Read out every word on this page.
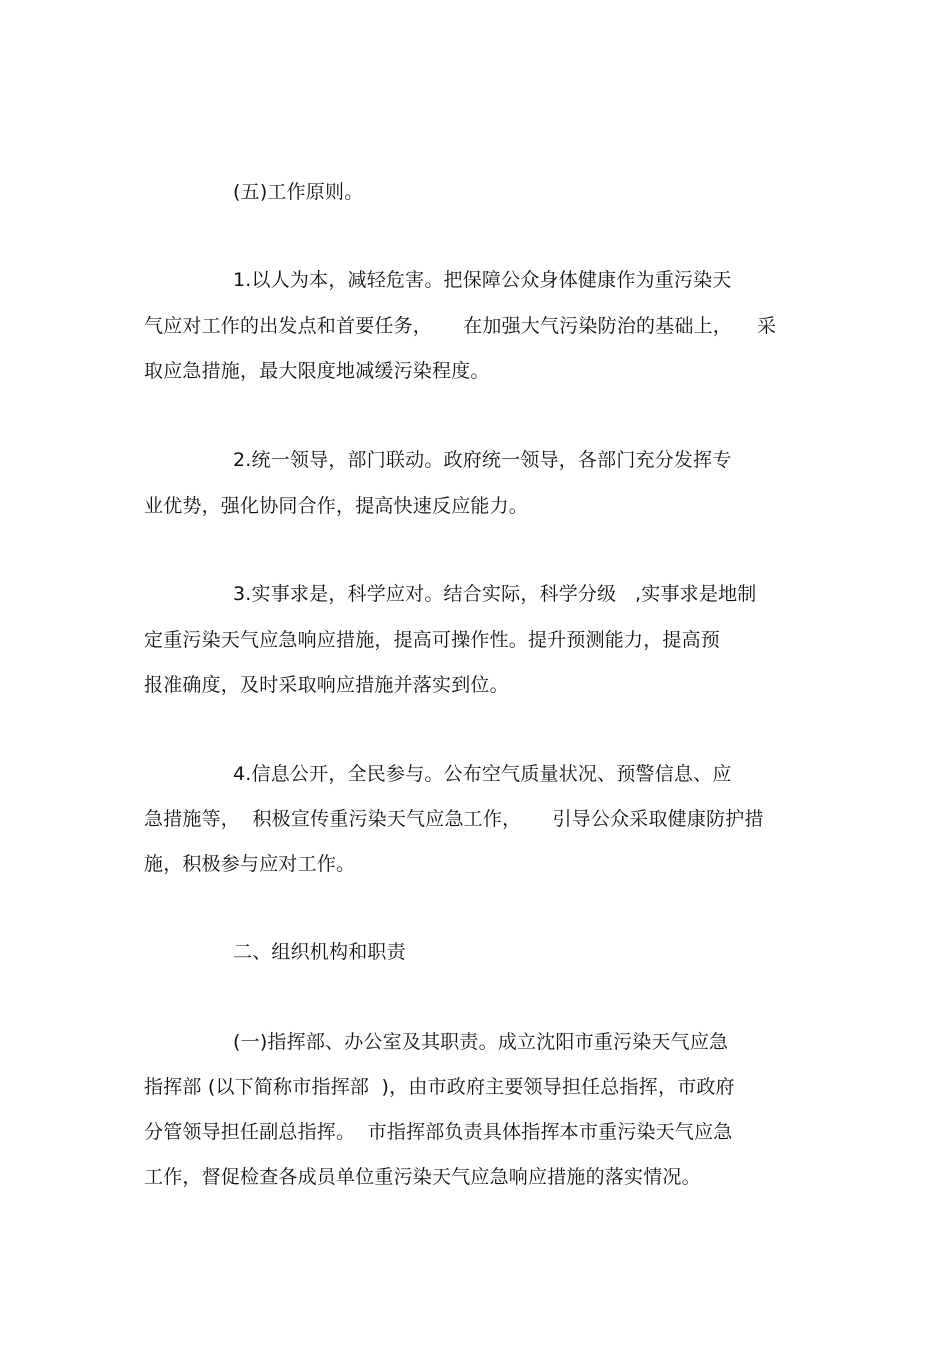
(五)工作原则。
1.以人为本，减轻危害。把保障公众身体健康作为重污染天
气应对工作的出发点和首要任务，     在加强大气污染防治的基础上，    采
取应急措施，最大限度地减缓污染程度。
2.统一领导，部门联动。政府统一领导，各部门充分发挥专
业优势，强化协同合作，提高快速反应能力。
3.实事求是，科学应对。结合实际，科学分级   ,实事求是地制
定重污染天气应急响应措施，提高可操作性。提升预测能力，提高预
报准确度，及时采取响应措施并落实到位。
4.信息公开，全民参与。公布空气质量状况、预警信息、应
急措施等，  积极宣传重污染天气应急工作，     引导公众采取健康防护措
施，积极参与应对工作。
二、组织机构和职责
(一)指挥部、办公室及其职责。成立沈阳市重污染天气应急
指挥部 (以下简称市指挥部  )，由市政府主要领导担任总指挥，市政府
分管领导担任副总指挥。  市指挥部负责具体指挥本市重污染天气应急
工作，督促检查各成员单位重污染天气应急响应措施的落实情况。
